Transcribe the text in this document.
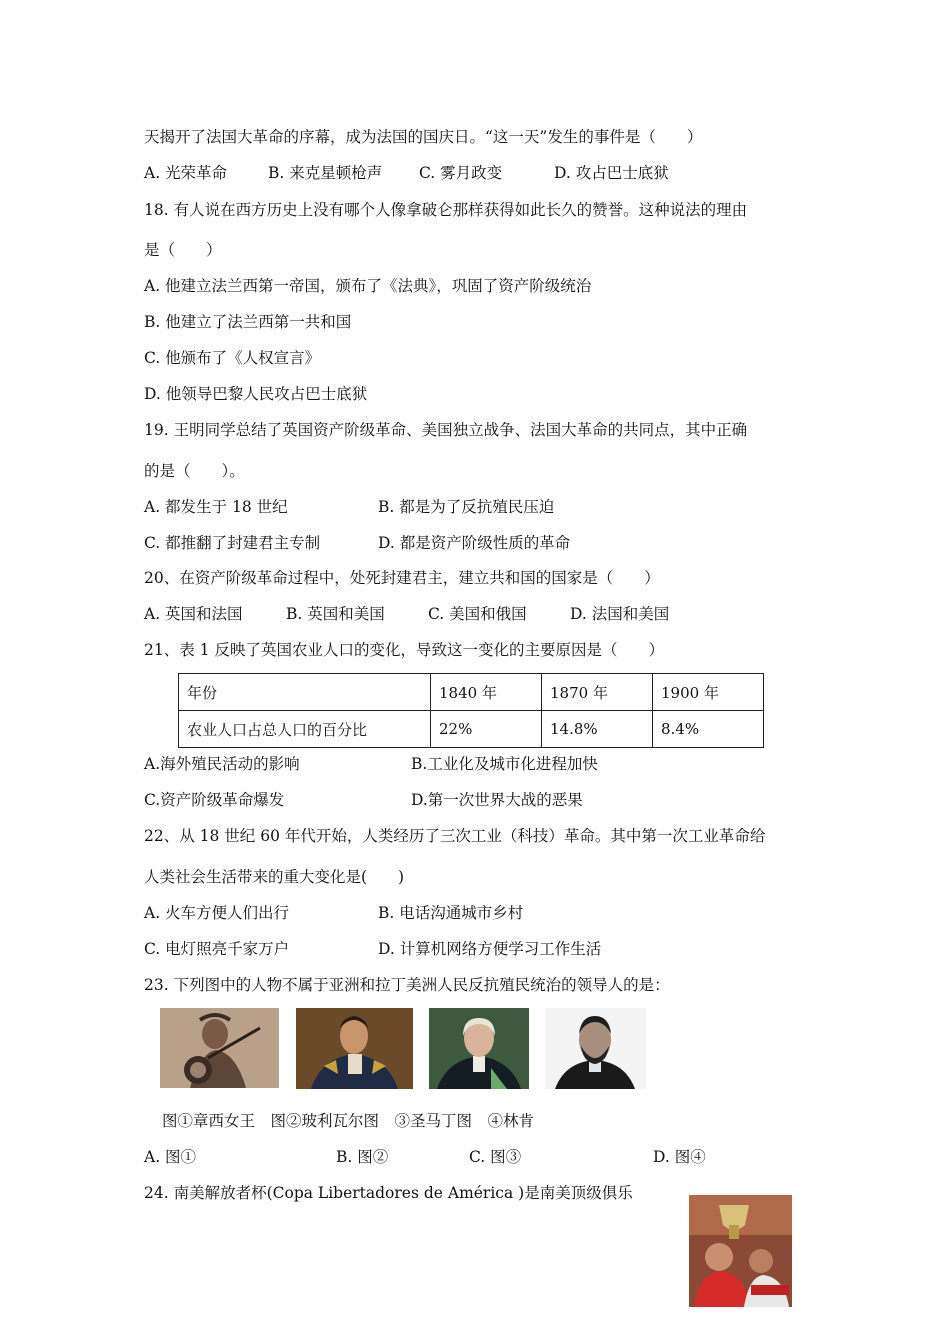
天揭开了法国大革命的序幕，成为法国的国庆日。“这一天”发生的事件是（　　）
A. 光荣革命	B. 来克星顿枪声 C. 雾月政变	D. 攻占巴士底狱
18. 有人说在西方历史上没有哪个人像拿破仑那样获得如此长久的赞誉。这种说法的理由
是（　　）
A. 他建立法兰西第一帝国，颁布了《法典》，巩固了资产阶级统治
B. 他建立了法兰西第一共和国
C. 他颁布了《人权宣言》
D. 他领导巴黎人民攻占巴士底狱
19. 王明同学总结了英国资产阶级革命、美国独立战争、法国大革命的共同点，其中正确
的是（　　）。
A. 都发生于 18 世纪	B. 都是为了反抗殖民压迫
C. 都推翻了封建君主专制	D. 都是资产阶级性质的革命
20、在资产阶级革命过程中，处死封建君主，建立共和国的国家是（　　）
A. 英国和法国	B. 英国和美国	C. 美国和俄国	D. 法国和美国
21、表 1 反映了英国农业人口的变化，导致这一变化的主要原因是（　　）
年份	1840 年	1870 年	1900 年
农业人口占总人口的百分比	22%	14.8%	8.4%
A.海外殖民活动的影响	B.工业化及城市化进程加快
C.资产阶级革命爆发	D.第一次世界大战的恶果
22、从 18 世纪 60 年代开始，人类经历了三次工业（科技）革命。其中第一次工业革命给
人类社会生活带来的重大变化是(　　)
A. 火车方便人们出行	B. 电话沟通城市乡村
C. 电灯照亮千家万户	D. 计算机网络方便学习工作生活
23. 下列图中的人物不属于亚洲和拉丁美洲人民反抗殖民统治的领导人的是：
图①章西女王　图②玻利瓦尔图　③圣马丁图　④林肯
A. 图①	B. 图②	C. 图③	D. 图④
24. 南美解放者杯(Copa Libertadores de América )是南美顶级俱乐
